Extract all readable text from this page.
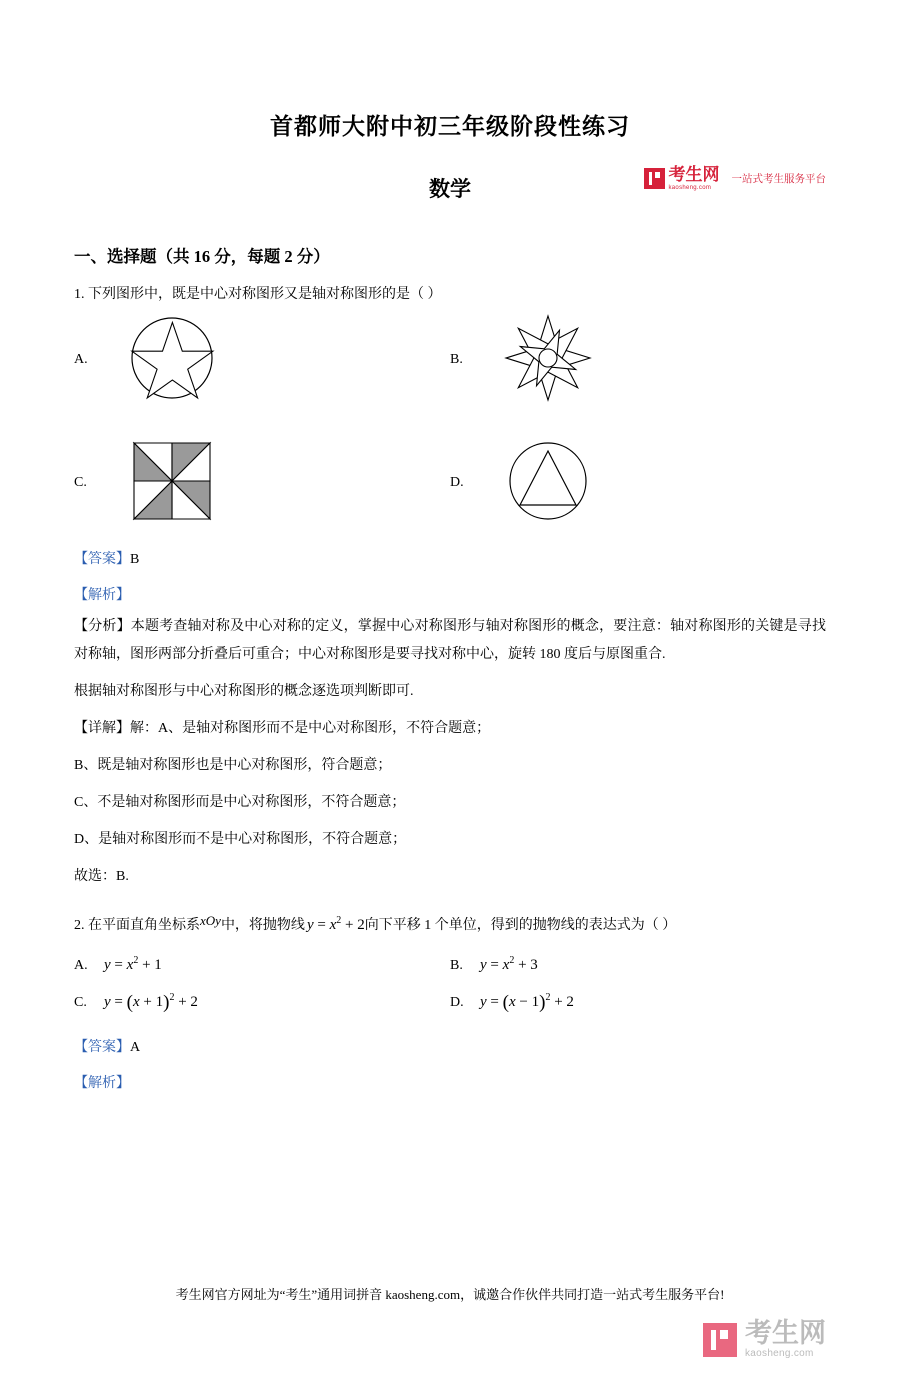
考生网
kaosheng.com
一站式考生服务平台
首都师大附中初三年级阶段性练习
数学
一、选择题（共 16 分，每题 2 分）
1. 下列图形中，既是中心对称图形又是轴对称图形的是（ ）
A.	B.
C.	D.
【答案】B
【解析】
【分析】本题考查轴对称及中心对称的定义，掌握中心对称图形与轴对称图形的概念，要注意：轴对称图形的关键是寻找对称轴，图形两部分折叠后可重合；中心对称图形是要寻找对称中心，旋转 180 度后与原图重合.
根据轴对称图形与中心对称图形的概念逐选项判断即可.
【详解】解：A、是轴对称图形而不是中心对称图形，不符合题意；
B、既是轴对称图形也是中心对称图形，符合题意；
C、不是轴对称图形而是中心对称图形，不符合题意；
D、是轴对称图形而不是中心对称图形，不符合题意；
故选：B.
2. 在平面直角坐标系xOy中，将抛物线 $y = x^2 + 2$向下平移 1 个单位，得到的抛物线的表达式为（ ）
A.	$y = x^2 + 1$	B.	$y = x^2 + 3$
C.	$y = (x + 1)^2 + 2$	D.	$y = (x - 1)^2 + 2$
【答案】A
【解析】
考生网官方网址为“考生”通用词拼音 kaosheng.com，诚邀合作伙伴共同打造一站式考生服务平台!
考生网
kaosheng.com
